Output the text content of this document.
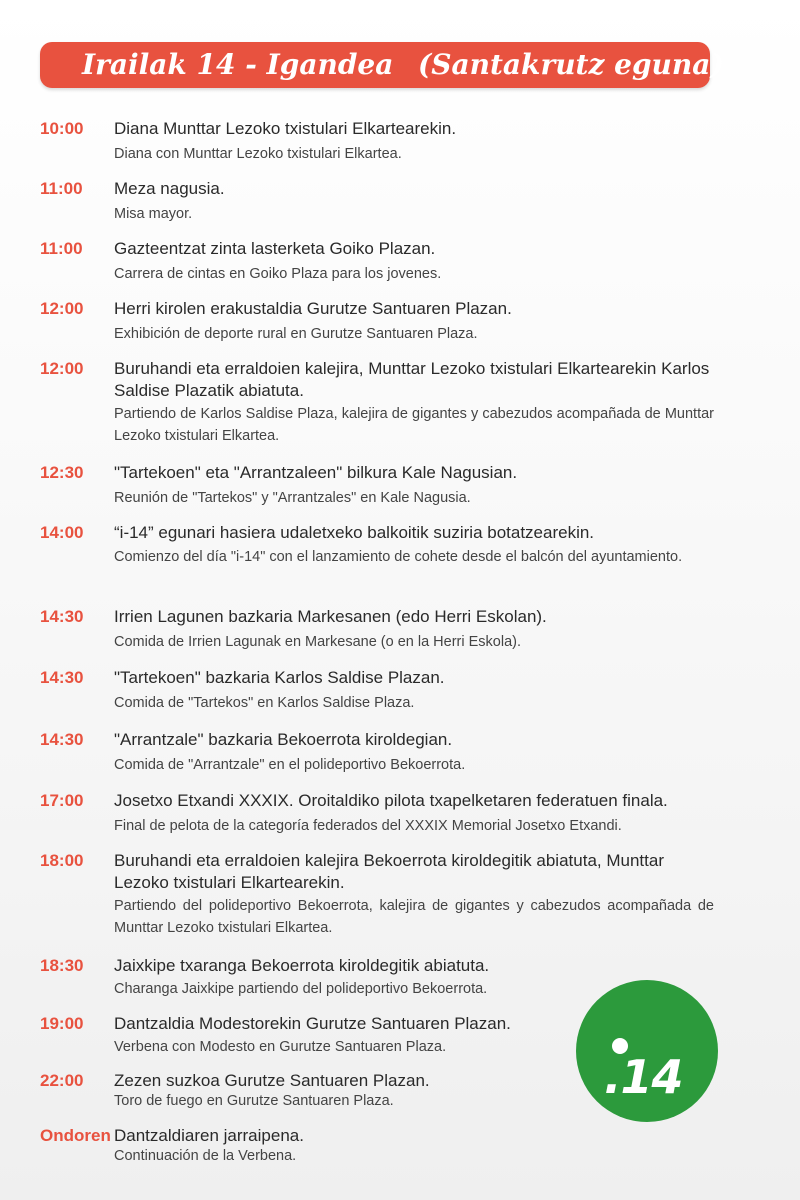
Irailak 14 - Igandea (Santakrutz eguna)
10:00 Diana Munttar Lezoko txistulari Elkartearekin.
Diana con Munttar Lezoko txistulari Elkartea.
11:00 Meza nagusia.
Misa mayor.
11:00 Gazteentzat zinta lasterketa Goiko Plazan.
Carrera de cintas en Goiko Plaza para los jovenes.
12:00 Herri kirolen erakustaldia Gurutze Santuaren Plazan.
Exhibición de deporte rural en Gurutze Santuaren Plaza.
12:00 Buruhandi eta erraldoien kalejira, Munttar Lezoko txistulari Elkartearekin Karlos Saldise Plazatik abiatuta.
Partiendo de Karlos Saldise Plaza, kalejira de gigantes y cabezudos acompañada de Munttar Lezoko txistulari Elkartea.
12:30 "Tartekoen" eta "Arrantzaleen" bilkura Kale Nagusian.
Reunión de "Tartekos" y "Arrantzales" en Kale Nagusia.
14:00 “i-14” egunari hasiera udaletxeko balkoitik suziria botatzearekin.
Comienzo del día "i-14" con el lanzamiento de cohete desde el balcón del ayuntamiento.
14:30 Irrien Lagunen bazkaria Markesanen (edo Herri Eskolan).
Comida de Irrien Lagunak en Markesane (o en la Herri Eskola).
14:30 "Tartekoen" bazkaria Karlos Saldise Plazan.
Comida de "Tartekos" en Karlos Saldise Plaza.
14:30 "Arrantzale" bazkaria Bekoerrota kiroldegian.
Comida de "Arrantzale" en el polideportivo Bekoerrota.
17:00 Josetxo Etxandi XXXIX. Oroitaldiko pilota txapelketaren federatuen finala.
Final de pelota de la categoría federados del XXXIX Memorial Josetxo Etxandi.
18:00 Buruhandi eta erraldoien kalejira Bekoerrota kiroldegitik abiatuta, Munttar Lezoko txistulari Elkartearekin.
Partiendo del polideportivo Bekoerrota, kalejira de gigantes y cabezudos acompañada de Munttar Lezoko txistulari Elkartea.
18:30 Jaixkipe txaranga Bekoerrota kiroldegitik abiatuta.
Charanga Jaixkipe partiendo del polideportivo Bekoerrota.
19:00 Dantzaldia Modestorekin Gurutze Santuaren Plazan.
Verbena con Modesto en Gurutze Santuaren Plaza.
22:00 Zezen suzkoa Gurutze Santuaren Plazan.
Toro de fuego en Gurutze Santuaren Plaza.
Ondoren Dantzaldiaren jarraipena.
Continuación de la Verbena.
.14
